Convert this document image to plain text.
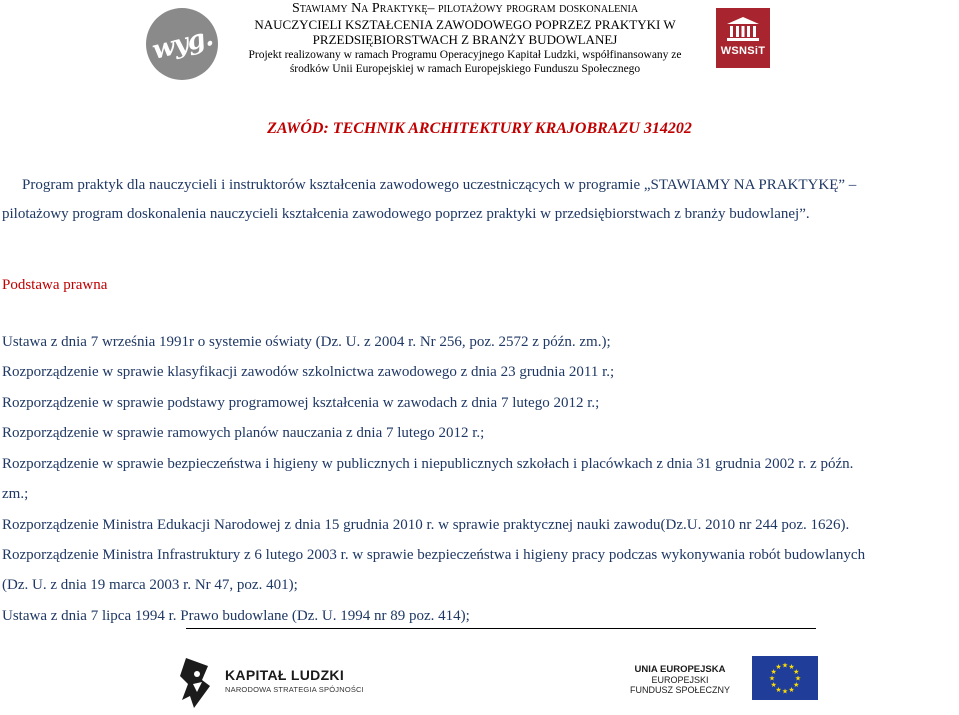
wyg.
Stawiamy Na Praktykę– pilotażowy program doskonalenia
NAUCZYCIELI KSZTAŁCENIA ZAWODOWEGO POPRZEZ PRAKTYKI W
PRZEDSIĘBIORSTWACH Z BRANŻY BUDOWLANEJ
Projekt realizowany w ramach Programu Operacyjnego Kapitał Ludzki, współfinansowany ze
środków Unii Europejskiej w ramach Europejskiego Funduszu Społecznego
WSNSiT
ZAWÓD: TECHNIK ARCHITEKTURY KRAJOBRAZU 314202
Program praktyk dla nauczycieli i instruktorów kształcenia zawodowego uczestniczących w programie „STAWIAMY NA PRAKTYKĘ” –
pilotażowy program doskonalenia nauczycieli kształcenia zawodowego poprzez praktyki w przedsiębiorstwach z branży budowlanej”.
Podstawa prawna
Ustawa z dnia 7 września 1991r o systemie oświaty (Dz. U. z 2004 r. Nr 256, poz. 2572 z późn. zm.);
Rozporządzenie w sprawie klasyfikacji zawodów szkolnictwa zawodowego z dnia 23 grudnia 2011 r.;
Rozporządzenie w sprawie podstawy programowej kształcenia w zawodach z dnia 7 lutego 2012 r.;
Rozporządzenie w sprawie ramowych planów nauczania z dnia 7 lutego 2012 r.;
Rozporządzenie w sprawie bezpieczeństwa i higieny w publicznych i niepublicznych szkołach i placówkach z dnia 31 grudnia 2002 r. z późn.
zm.;
Rozporządzenie Ministra Edukacji Narodowej z dnia 15 grudnia 2010 r. w sprawie praktycznej nauki zawodu(Dz.U. 2010 nr 244 poz. 1626).
Rozporządzenie Ministra Infrastruktury z 6 lutego 2003 r. w sprawie bezpieczeństwa i higieny pracy podczas wykonywania robót budowlanych
(Dz. U. z dnia 19 marca 2003 r. Nr 47, poz. 401);
Ustawa z dnia 7 lipca 1994 r. Prawo budowlane (Dz. U. 1994 nr 89 poz. 414);
KAPITAŁ LUDZKI
NARODOWA STRATEGIA SPÓJNOŚCI
UNIA EUROPEJSKA
EUROPEJSKI
FUNDUSZ SPOŁECZNY
★ ★
★
★
★
★
★
★
★
★
★
★
